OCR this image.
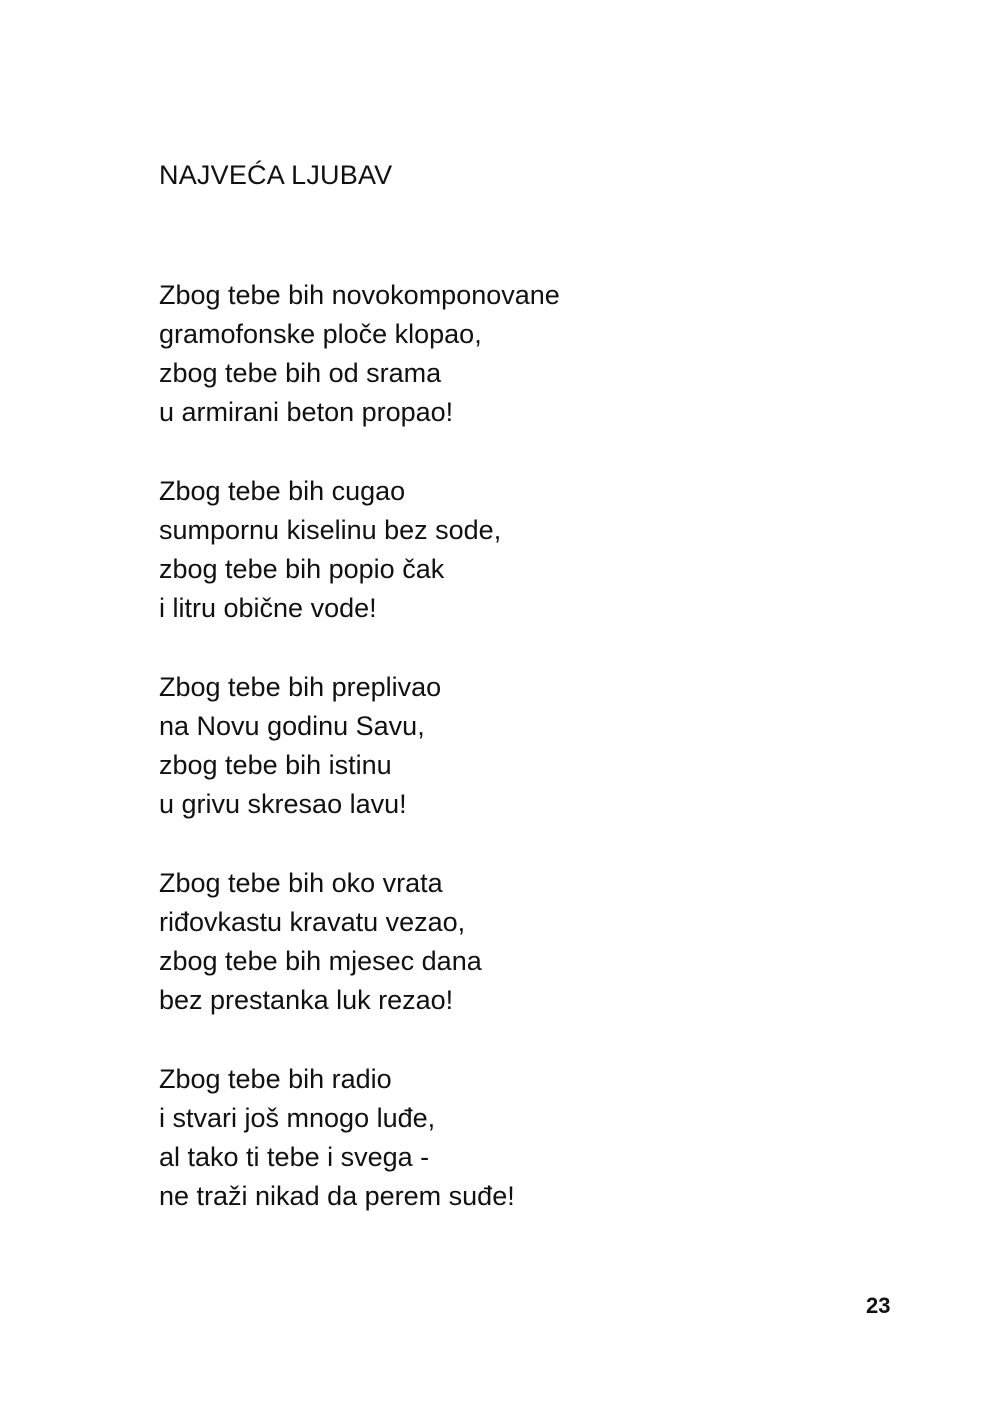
NAJVEĆA LJUBAV
Zbog tebe bih novokomponovane
gramofonske ploče klopao,
zbog tebe bih od srama
u armirani beton propao!
Zbog tebe bih cugao
sumpornu kiselinu bez sode,
zbog tebe bih popio čak
i litru obične vode!
Zbog tebe bih preplivao
na Novu godinu Savu,
zbog tebe bih istinu
u grivu skresao lavu!
Zbog tebe bih oko vrata
riđovkastu kravatu vezao,
zbog tebe bih mjesec dana
bez prestanka luk rezao!
Zbog tebe bih radio
i stvari još mnogo luđe,
al tako ti tebe i svega -
ne traži nikad da perem suđe!
23
